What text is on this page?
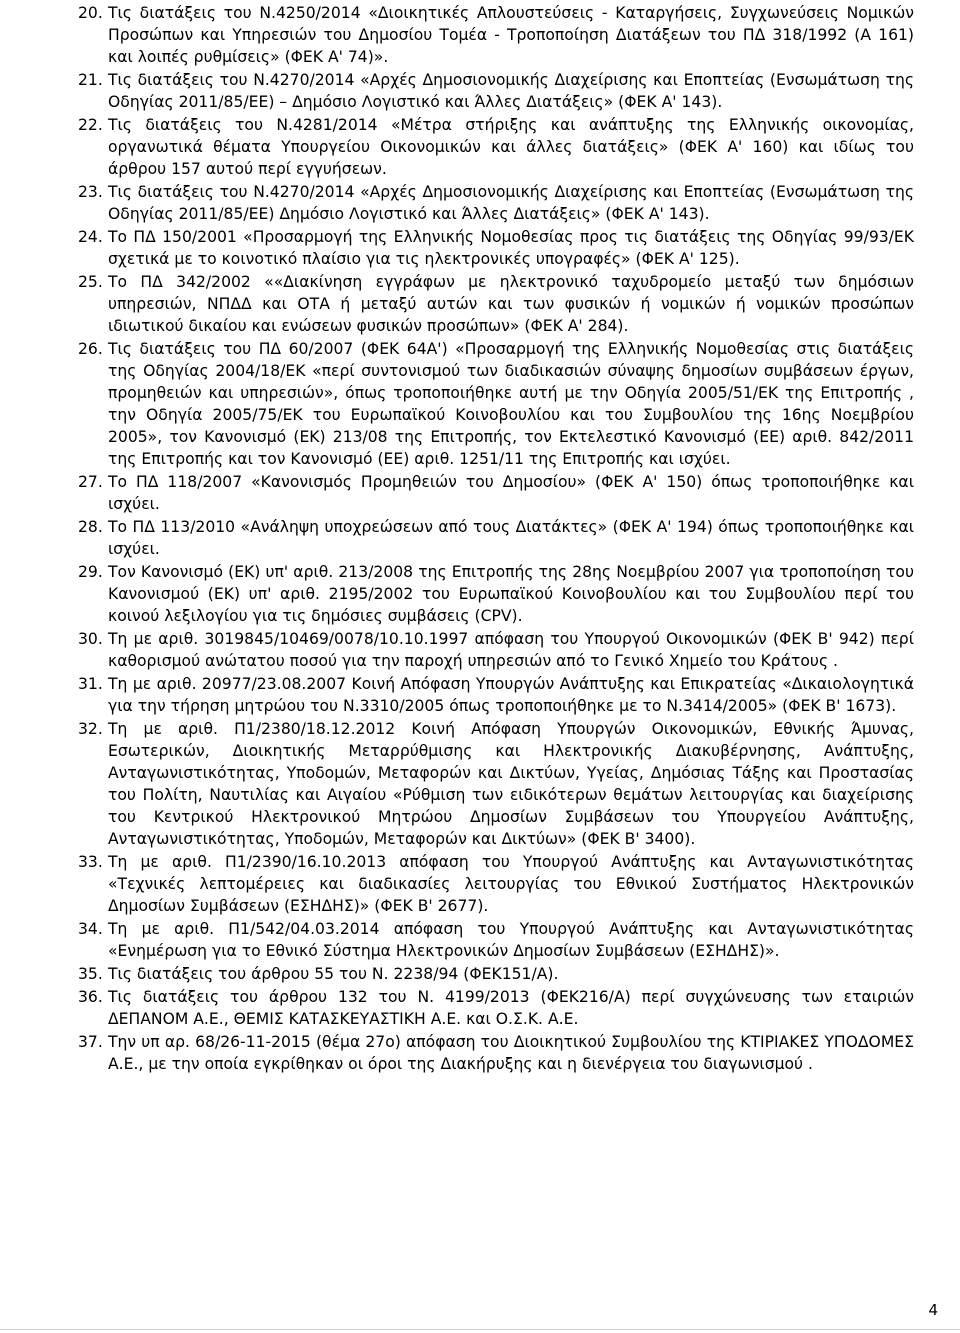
20. Τις διατάξεις του Ν.4250/2014 «Διοικητικές Απλουστεύσεις - Καταργήσεις, Συγχωνεύσεις Νομικών Προσώπων και Υπηρεσιών του Δημοσίου Τομέα - Τροποποίηση Διατάξεων του ΠΔ 318/1992 (Α 161) και λοιπές ρυθμίσεις» (ΦΕΚ Α' 74)».
21. Τις διατάξεις του Ν.4270/2014 «Αρχές Δημοσιονομικής Διαχείρισης και Εποπτείας (Ενσωμάτωση της Οδηγίας 2011/85/ΕΕ) – Δημόσιο Λογιστικό και Άλλες Διατάξεις» (ΦΕΚ Α' 143).
22. Τις διατάξεις του Ν.4281/2014 «Μέτρα στήριξης και ανάπτυξης της Ελληνικής οικονομίας, οργανωτικά θέματα Υπουργείου Οικονομικών και άλλες διατάξεις» (ΦΕΚ Α' 160) και ιδίως του άρθρου 157 αυτού περί εγγυήσεων.
23. Τις διατάξεις του Ν.4270/2014 «Αρχές Δημοσιονομικής Διαχείρισης και Εποπτείας (Ενσωμάτωση της Οδηγίας 2011/85/ΕΕ) Δημόσιο Λογιστικό και Άλλες Διατάξεις» (ΦΕΚ Α' 143).
24. Το ΠΔ 150/2001 «Προσαρμογή της Ελληνικής Νομοθεσίας προς τις διατάξεις της Οδηγίας 99/93/ΕΚ σχετικά με το κοινοτικό πλαίσιο για τις ηλεκτρονικές υπογραφές» (ΦΕΚ Α' 125).
25. Το ΠΔ 342/2002 ««Διακίνηση εγγράφων με ηλεκτρονικό ταχυδρομείο μεταξύ των δημόσιων υπηρεσιών, ΝΠΔΔ και ΟΤΑ ή μεταξύ αυτών και των φυσικών ή νομικών ή νομικών προσώπων ιδιωτικού δικαίου και ενώσεων φυσικών προσώπων» (ΦΕΚ Α' 284).
26. Τις διατάξεις του ΠΔ 60/2007 (ΦΕΚ 64Α') «Προσαρμογή της Ελληνικής Νομοθεσίας στις διατάξεις της Οδηγίας 2004/18/ΕΚ «περί συντονισμού των διαδικασιών σύναψης δημοσίων συμβάσεων έργων, προμηθειών και υπηρεσιών», όπως τροποποιήθηκε αυτή με την Οδηγία 2005/51/ΕΚ της Επιτροπής , την Οδηγία 2005/75/ΕΚ του Ευρωπαϊκού Κοινοβουλίου και του Συμβουλίου της 16ης Νοεμβρίου 2005», τον Κανονισμό (ΕΚ) 213/08 της Επιτροπής, τον Εκτελεστικό Κανονισμό (ΕΕ) αριθ. 842/2011 της Επιτροπής και τον Κανονισμό (ΕΕ) αριθ. 1251/11 της Επιτροπής και ισχύει.
27. Το ΠΔ 118/2007 «Κανονισμός Προμηθειών του Δημοσίου» (ΦΕΚ Α' 150) όπως τροποποιήθηκε και ισχύει.
28. Το ΠΔ 113/2010 «Ανάληψη υποχρεώσεων από τους Διατάκτες» (ΦΕΚ Α' 194) όπως τροποποιήθηκε και ισχύει.
29. Τον Κανονισμό (ΕΚ) υπ' αριθ. 213/2008 της Επιτροπής της 28ης Νοεμβρίου 2007 για τροποποίηση του Κανονισμού (ΕΚ) υπ' αριθ. 2195/2002 του Ευρωπαϊκού Κοινοβουλίου και του Συμβουλίου περί του κοινού λεξιλογίου για τις δημόσιες συμβάσεις (CPV).
30. Τη με αριθ. 3019845/10469/0078/10.10.1997 απόφαση του Υπουργού Οικονομικών (ΦΕΚ Β' 942) περί καθορισμού ανώτατου ποσού για την παροχή υπηρεσιών από το Γενικό Χημείο του Κράτους .
31. Τη με αριθ. 20977/23.08.2007 Κοινή Απόφαση Υπουργών Ανάπτυξης και Επικρατείας «Δικαιολογητικά για την τήρηση μητρώου του Ν.3310/2005 όπως τροποποιήθηκε με το Ν.3414/2005» (ΦΕΚ Β' 1673).
32. Τη με αριθ. Π1/2380/18.12.2012 Κοινή Απόφαση Υπουργών Οικονομικών, Εθνικής Άμυνας, Εσωτερικών, Διοικητικής Μεταρρύθμισης και Ηλεκτρονικής Διακυβέρνησης, Ανάπτυξης, Ανταγωνιστικότητας, Υποδομών, Μεταφορών και Δικτύων, Υγείας, Δημόσιας Τάξης και Προστασίας του Πολίτη, Ναυτιλίας και Αιγαίου «Ρύθμιση των ειδικότερων θεμάτων λειτουργίας και διαχείρισης του Κεντρικού Ηλεκτρονικού Μητρώου Δημοσίων Συμβάσεων του Υπουργείου Ανάπτυξης, Ανταγωνιστικότητας, Υποδομών, Μεταφορών και Δικτύων» (ΦΕΚ Β' 3400).
33. Τη με αριθ. Π1/2390/16.10.2013 απόφαση του Υπουργού Ανάπτυξης και Ανταγωνιστικότητας «Τεχνικές λεπτομέρειες και διαδικασίες λειτουργίας του Εθνικού Συστήματος Ηλεκτρονικών Δημοσίων Συμβάσεων (ΕΣΗΔΗΣ)» (ΦΕΚ Β' 2677).
34. Τη με αριθ. Π1/542/04.03.2014 απόφαση του Υπουργού Ανάπτυξης και Ανταγωνιστικότητας «Ενημέρωση για το Εθνικό Σύστημα Ηλεκτρονικών Δημοσίων Συμβάσεων (ΕΣΗΔΗΣ)».
35. Τις διατάξεις του άρθρου 55 του Ν. 2238/94 (ΦΕΚ151/Α).
36. Τις διατάξεις του άρθρου 132 του Ν. 4199/2013 (ΦΕΚ216/Α) περί συγχώνευσης των εταιριών ΔΕΠΑΝΟΜ Α.Ε., ΘΕΜΙΣ ΚΑΤΑΣΚΕΥΑΣΤΙΚΗ Α.Ε. και Ο.Σ.Κ. Α.Ε.
37. Την υπ αρ. 68/26-11-2015 (θέμα 27ο) απόφαση του Διοικητικού Συμβουλίου της ΚΤΙΡΙΑΚΕΣ ΥΠΟΔΟΜΕΣ Α.Ε., με την οποία εγκρίθηκαν οι όροι της Διακήρυξης και η διενέργεια του διαγωνισμού .
4
